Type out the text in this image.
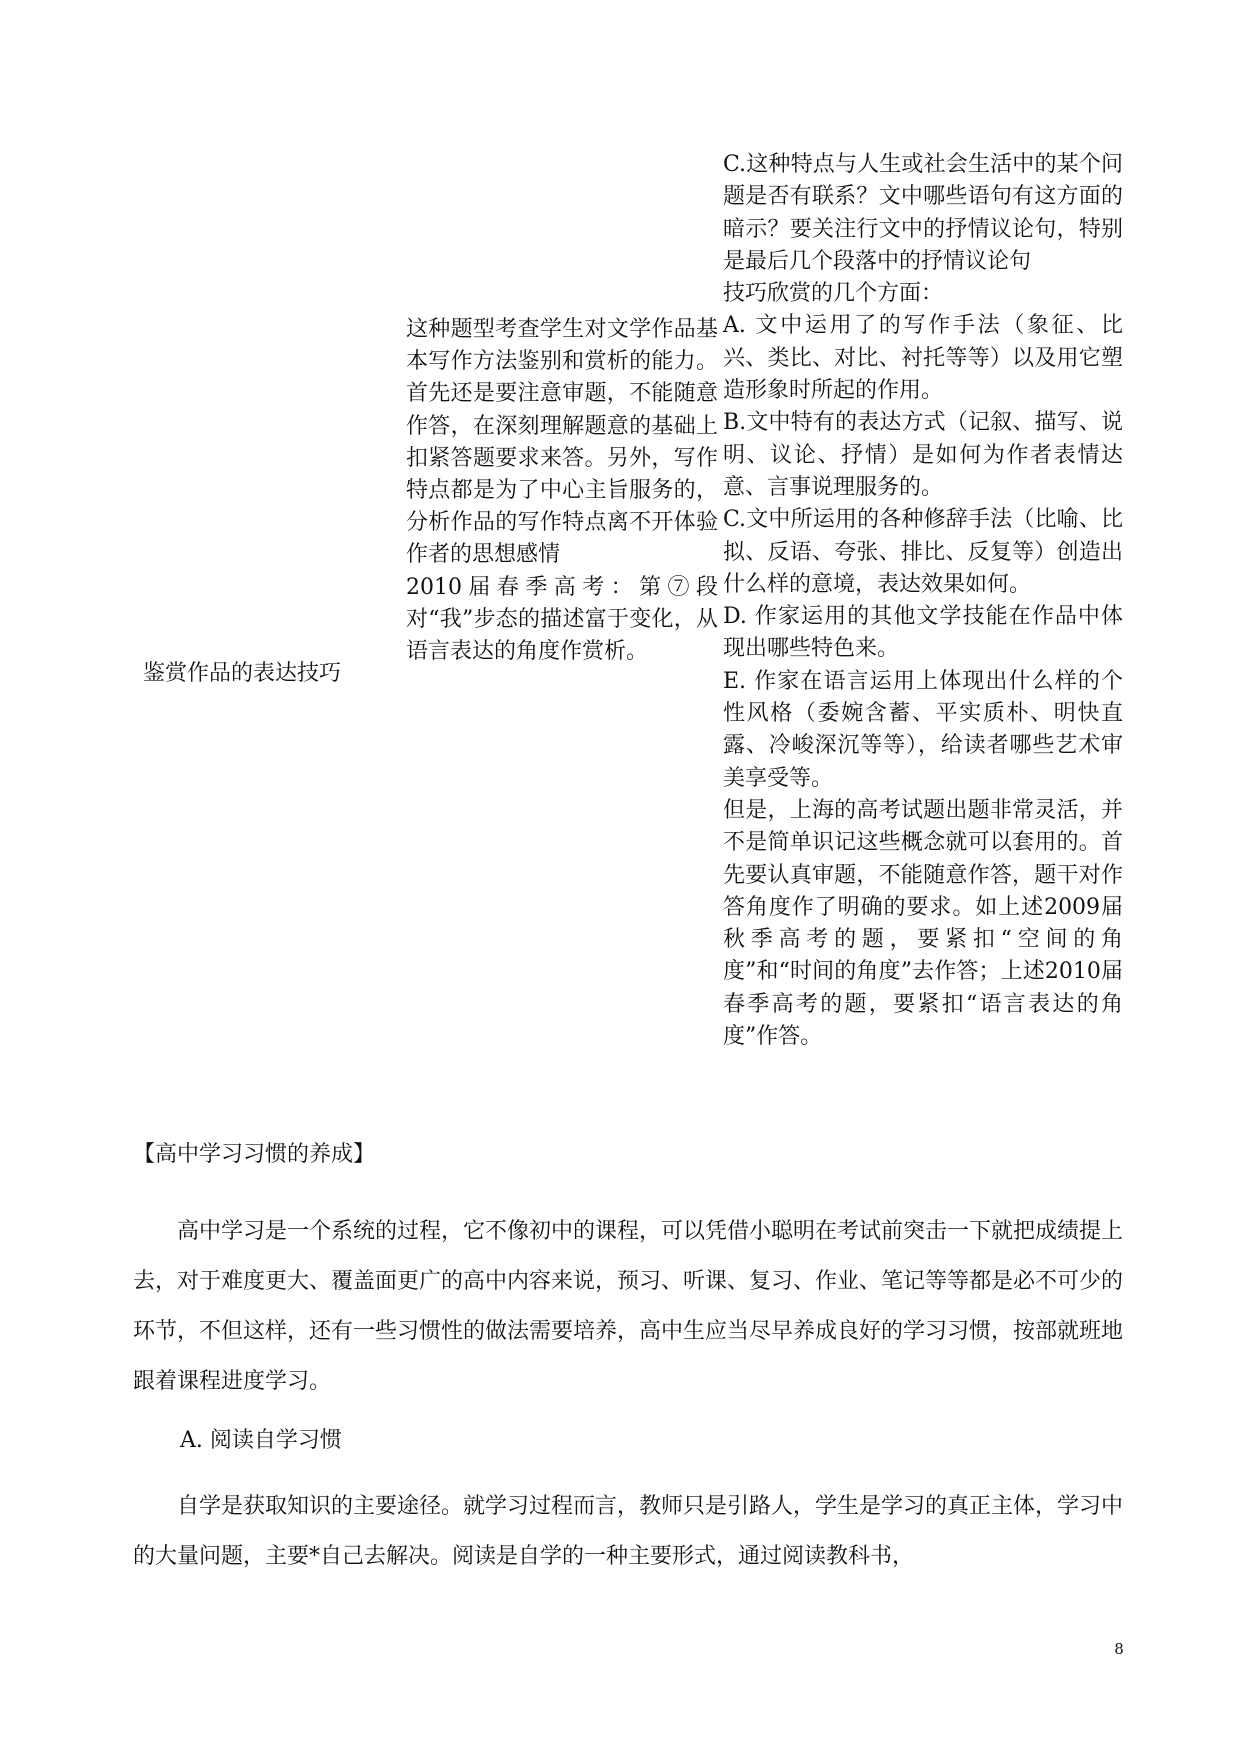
鉴赏作品的表达技巧

这种题型考查学生对文学作品基本写作方法鉴别和赏析的能力。首先还是要注意审题，不能随意作答，在深刻理解题意的基础上扣紧答题要求来答。另外，写作特点都是为了中心主旨服务的，分析作品的写作特点离不开体验作者的思想感情

2010届春季高考：第⑦段对“我”步态的描述富于变化，从语言表达的角度作赏析。

C.这种特点与人生或社会生活中的某个问题是否有联系？文中哪些语句有这方面的暗示？要关注行文中的抒情议论句，特别是最后几个段落中的抒情议论句

技巧欣赏的几个方面：

A. 文中运用了的写作手法（象征、比兴、类比、对比、衬托等等）以及用它塑造形象时所起的作用。

B.文中特有的表达方式（记叙、描写、说明、议论、抒情）是如何为作者表情达意、言事说理服务的。

C.文中所运用的各种修辞手法（比喻、比拟、反语、夸张、排比、反复等）创造出什么样的意境，表达效果如何。

D. 作家运用的其他文学技能在作品中体现出哪些特色来。

E. 作家在语言运用上体现出什么样的个性风格（委婉含蓄、平实质朴、明快直露、冷峻深沉等等），给读者哪些艺术审美享受等。

但是，上海的高考试题出题非常灵活，并不是简单识记这些概念就可以套用的。首先要认真审题，不能随意作答，题干对作答角度作了明确的要求。如上述2009届秋季高考的题，要紧扣“空间的角度”和“时间的角度”去作答；上述2010届春季高考的题，要紧扣“语言表达的角度”作答。

【高中学习习惯的养成】
高中学习是一个系统的过程，它不像初中的课程，可以凭借小聪明在考试前突击一下就把成绩提上去，对于难度更大、覆盖面更广的高中内容来说，预习、听课、复习、作业、笔记等等都是必不可少的环节，不但这样，还有一些习惯性的做法需要培养，高中生应当尽早养成良好的学习习惯，按部就班地跟着课程进度学习。
A. 阅读自学习惯
自学是获取知识的主要途径。就学习过程而言，教师只是引路人，学生是学习的真正主体，学习中的大量问题，主要*自己去解决。阅读是自学的一种主要形式，通过阅读教科书，
8
